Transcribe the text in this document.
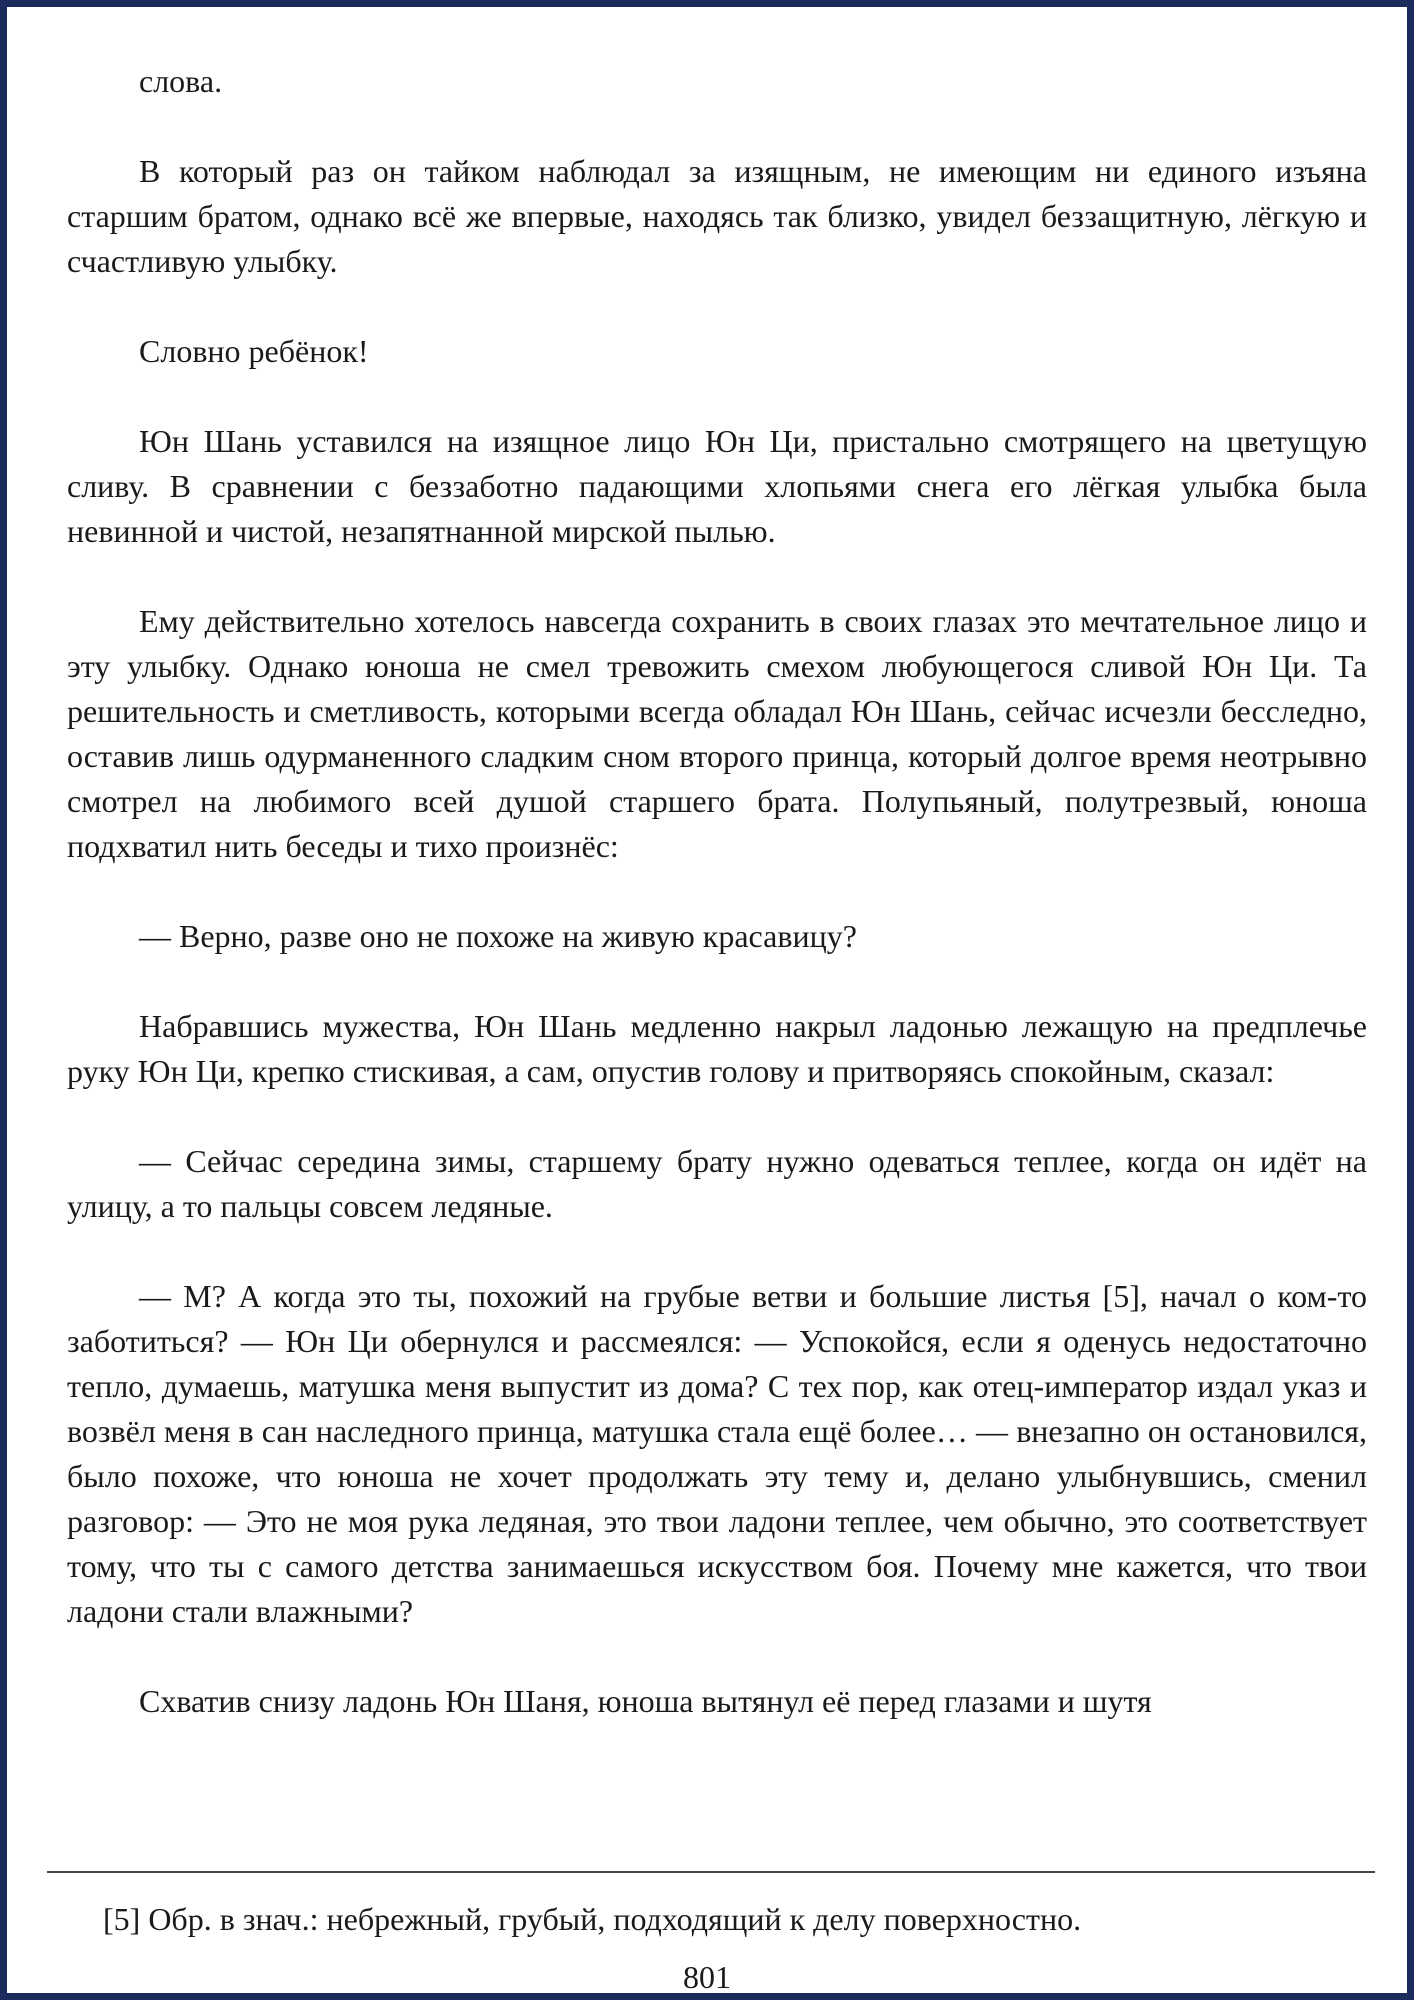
слова.

В который раз он тайком наблюдал за изящным, не имеющим ни единого изъяна старшим братом, однако всё же впервые, находясь так близко, увидел беззащитную, лёгкую и счастливую улыбку.

Словно ребёнок!

Юн Шань уставился на изящное лицо Юн Ци, пристально смотрящего на цветущую сливу. В сравнении с беззаботно падающими хлопьями снега его лёгкая улыбка была невинной и чистой, незапятнанной мирской пылью.

Ему действительно хотелось навсегда сохранить в своих глазах это мечтательное лицо и эту улыбку. Однако юноша не смел тревожить смехом любующегося сливой Юн Ци. Та решительность и сметливость, которыми всегда обладал Юн Шань, сейчас исчезли бесследно, оставив лишь одурманенного сладким сном второго принца, который долгое время неотрывно смотрел на любимого всей душой старшего брата. Полупьяный, полутрезвый, юноша подхватил нить беседы и тихо произнёс:

— Верно, разве оно не похоже на живую красавицу?

Набравшись мужества, Юн Шань медленно накрыл ладонью лежащую на предплечье руку Юн Ци, крепко стискивая, а сам, опустив голову и притворяясь спокойным, сказал:

— Сейчас середина зимы, старшему брату нужно одеваться теплее, когда он идёт на улицу, а то пальцы совсем ледяные.

— М? А когда это ты, похожий на грубые ветви и большие листья [5], начал о ком-то заботиться? — Юн Ци обернулся и рассмеялся: — Успокойся, если я оденусь недостаточно тепло, думаешь, матушка меня выпустит из дома? С тех пор, как отец-император издал указ и возвёл меня в сан наследного принца, матушка стала ещё более… — внезапно он остановился, было похоже, что юноша не хочет продолжать эту тему и, делано улыбнувшись, сменил разговор: — Это не моя рука ледяная, это твои ладони теплее, чем обычно, это соответствует тому, что ты с самого детства занимаешься искусством боя. Почему мне кажется, что твои ладони стали влажными?

Схватив снизу ладонь Юн Шаня, юноша вытянул её перед глазами и шутя

[5] Обр. в знач.: небрежный, грубый, подходящий к делу поверхностно.

801
